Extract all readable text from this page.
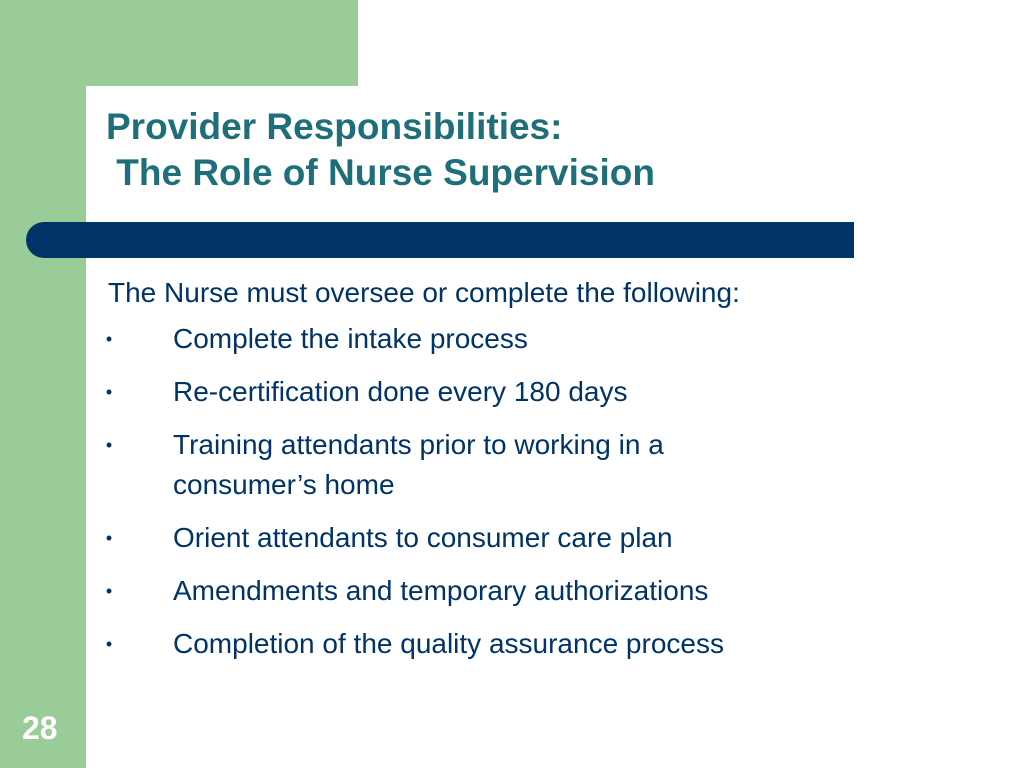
Provider Responsibilities:
The Role of Nurse Supervision

The Nurse must oversee or complete the following:

• Complete the intake process
• Re-certification done every 180 days
• Training attendants prior to working in a consumer’s home
• Orient attendants to consumer care plan
• Amendments and temporary authorizations
• Completion of the quality assurance process
28
